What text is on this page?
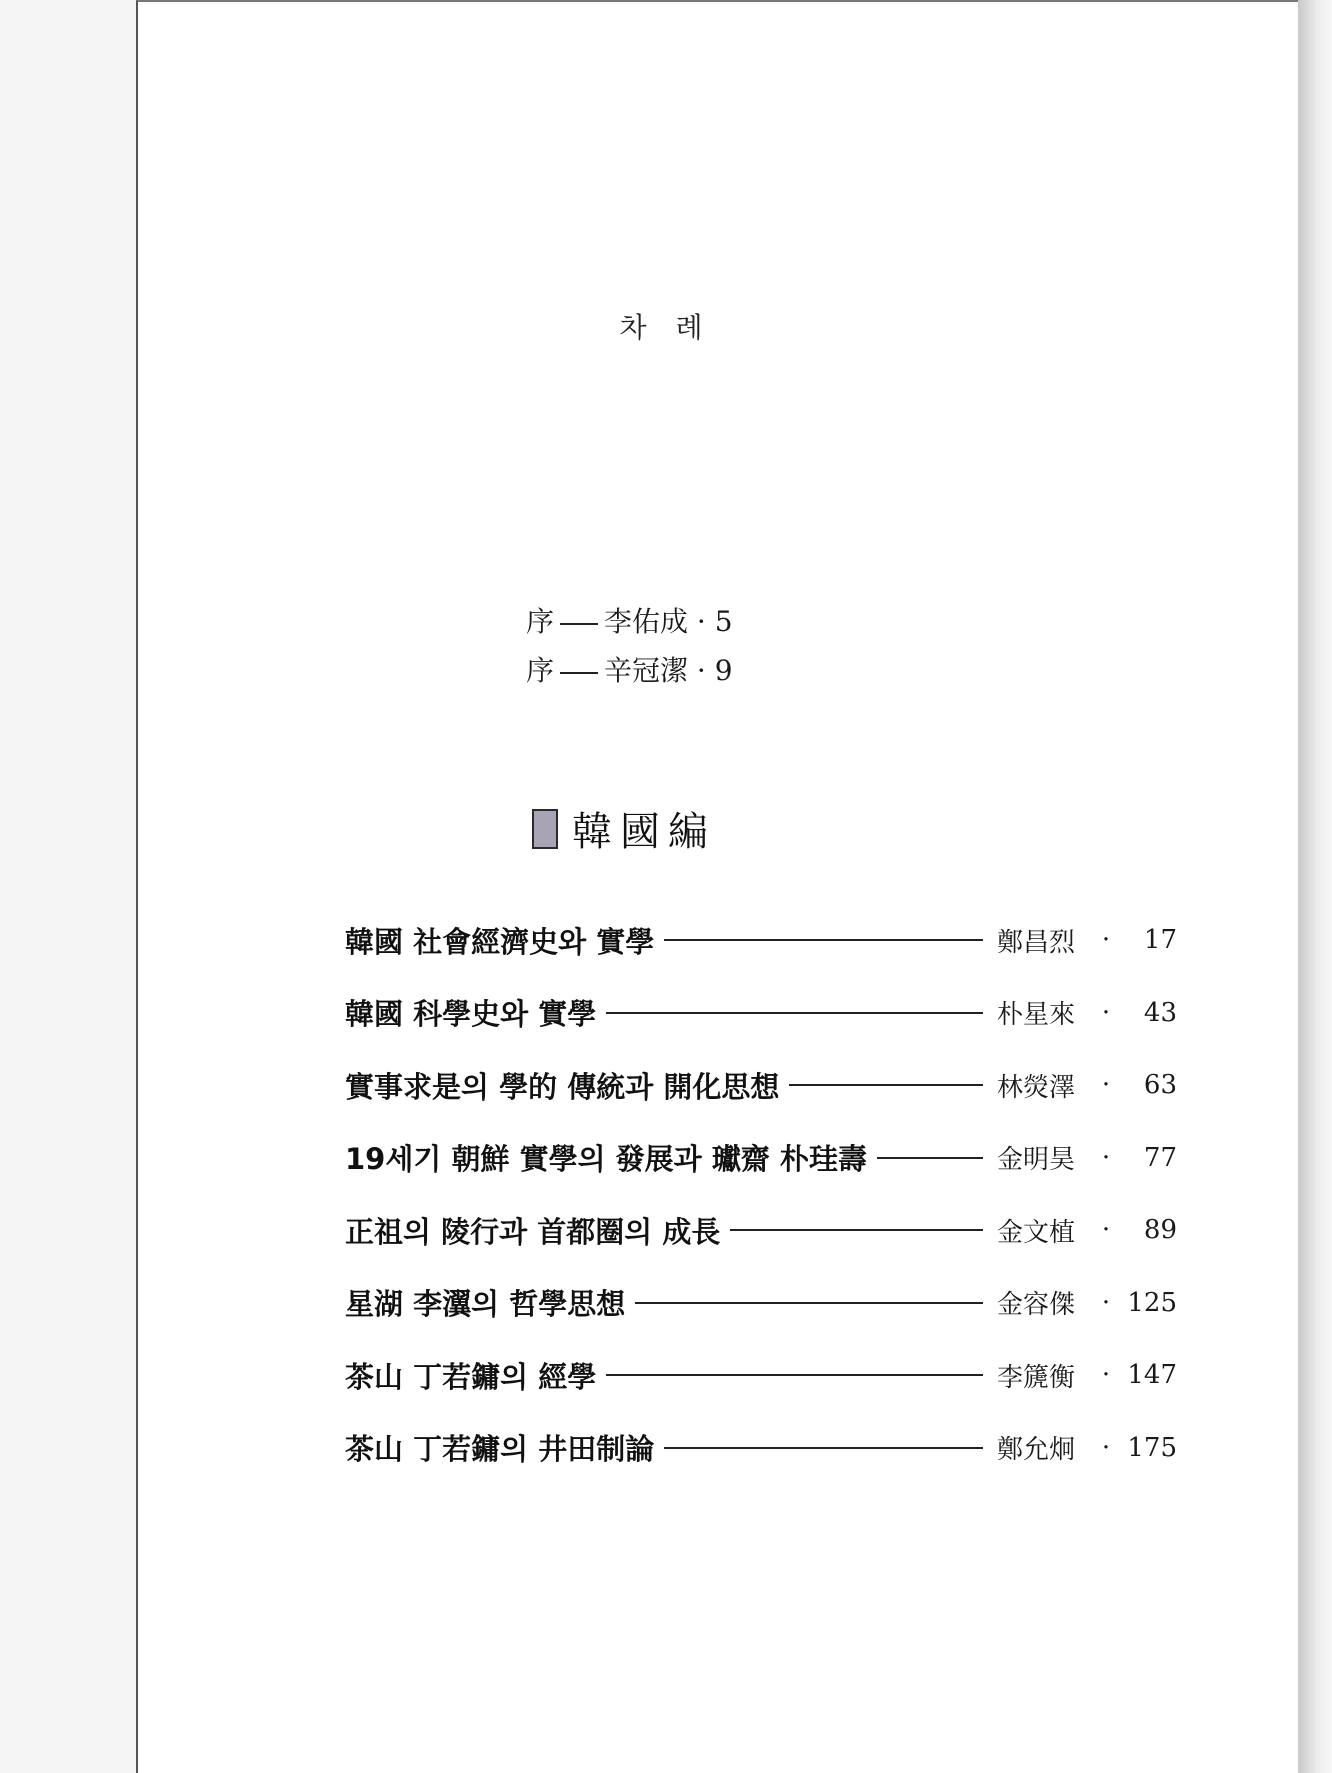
차 례
序 李佑成 · 5
序 辛冠潔 · 9
韓國編
韓國 社會經濟史와 實學	鄭昌烈	·	17
韓國 科學史와 實學	朴星來	·	43
實事求是의 學的 傳統과 開化思想	林熒澤	·	63
19세기 朝鮮 實學의 發展과 瓛齋 朴珪壽	金明昊	·	77
正祖의 陵行과 首都圈의 成長	金文植	·	89
星湖 李瀷의 哲學思想	金容傑	· 125
茶山 丁若鏞의 經學	李篪衡	· 147
茶山 丁若鏞의 井田制論	鄭允炯	· 175
